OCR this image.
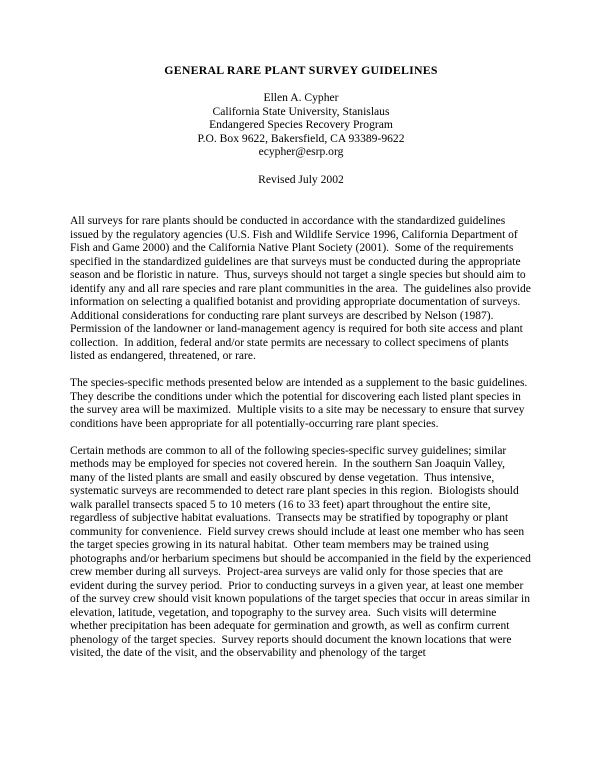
GENERAL RARE PLANT SURVEY GUIDELINES
Ellen A. Cypher
California State University, Stanislaus
Endangered Species Recovery Program
P.O. Box 9622, Bakersfield, CA 93389-9622
ecypher@esrp.org
Revised July 2002

All surveys for rare plants should be conducted in accordance with the standardized guidelines issued by the regulatory agencies (U.S. Fish and Wildlife Service 1996, California Department of Fish and Game 2000) and the California Native Plant Society (2001).  Some of the requirements specified in the standardized guidelines are that surveys must be conducted during the appropriate season and be floristic in nature.  Thus, surveys should not target a single species but should aim to identify any and all rare species and rare plant communities in the area.  The guidelines also provide information on selecting a qualified botanist and providing appropriate documentation of surveys.  Additional considerations for conducting rare plant surveys are described by Nelson (1987).  Permission of the landowner or land-management agency is required for both site access and plant collection.  In addition, federal and/or state permits are necessary to collect specimens of plants listed as endangered, threatened, or rare.

The species-specific methods presented below are intended as a supplement to the basic guidelines.  They describe the conditions under which the potential for discovering each listed plant species in the survey area will be maximized.  Multiple visits to a site may be necessary to ensure that survey conditions have been appropriate for all potentially-occurring rare plant species.

Certain methods are common to all of the following species-specific survey guidelines; similar methods may be employed for species not covered herein.  In the southern San Joaquin Valley, many of the listed plants are small and easily obscured by dense vegetation.  Thus intensive, systematic surveys are recommended to detect rare plant species in this region.  Biologists should walk parallel transects spaced 5 to 10 meters (16 to 33 feet) apart throughout the entire site, regardless of subjective habitat evaluations.  Transects may be stratified by topography or plant community for convenience.  Field survey crews should include at least one member who has seen the target species growing in its natural habitat.  Other team members may be trained using photographs and/or herbarium specimens but should be accompanied in the field by the experienced crew member during all surveys.  Project-area surveys are valid only for those species that are evident during the survey period.  Prior to conducting surveys in a given year, at least one member of the survey crew should visit known populations of the target species that occur in areas similar in elevation, latitude, vegetation, and topography to the survey area.  Such visits will determine whether precipitation has been adequate for germination and growth, as well as confirm current phenology of the target species.  Survey reports should document the known locations that were visited, the date of the visit, and the observability and phenology of the target
